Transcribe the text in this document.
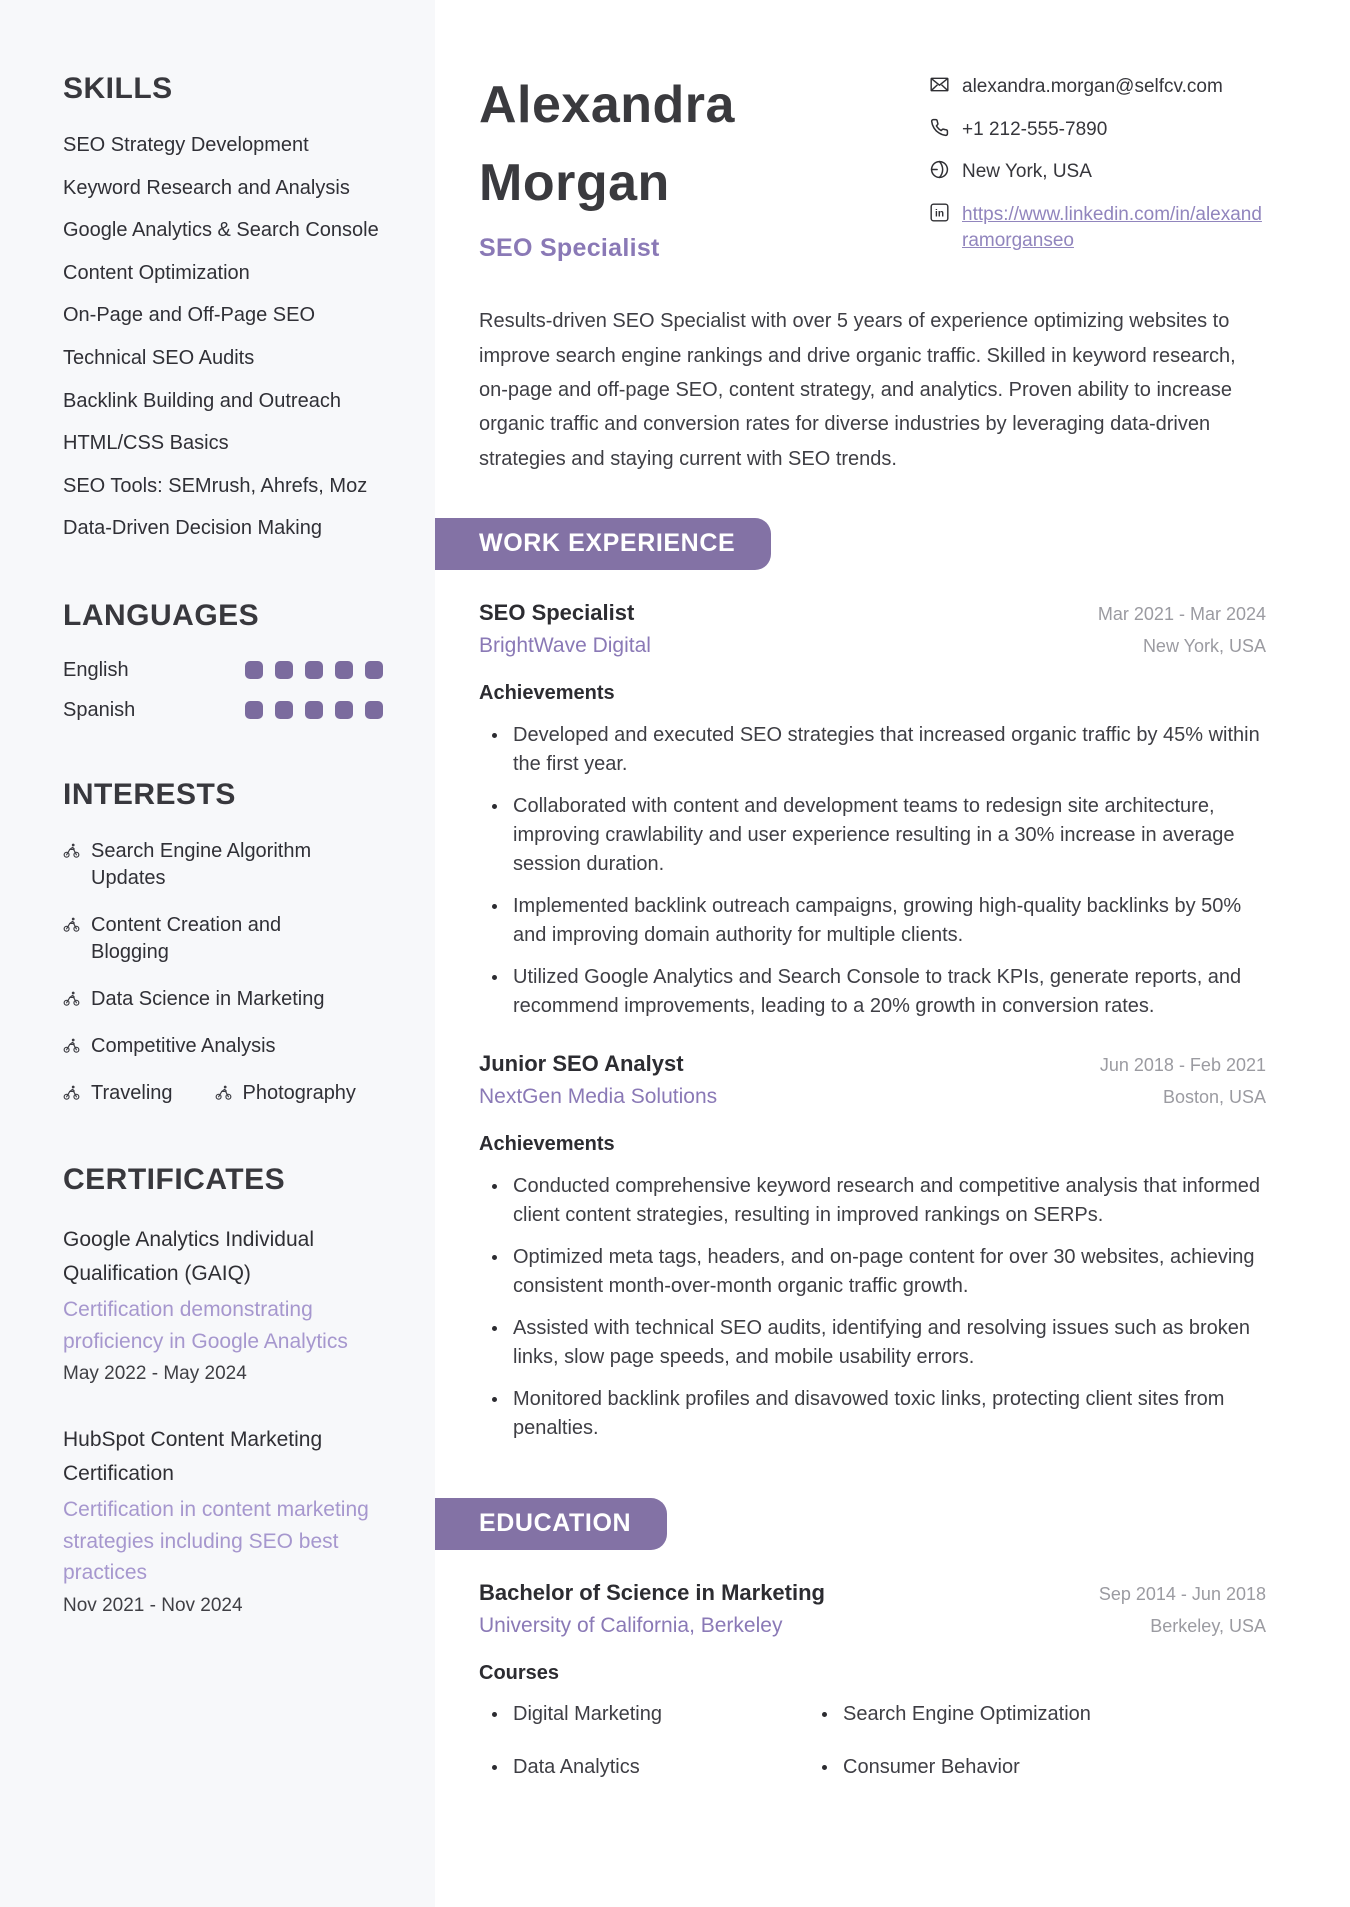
SKILLS
SEO Strategy Development
Keyword Research and Analysis
Google Analytics & Search Console
Content Optimization
On-Page and Off-Page SEO
Technical SEO Audits
Backlink Building and Outreach
HTML/CSS Basics
SEO Tools: SEMrush, Ahrefs, Moz
Data-Driven Decision Making
LANGUAGES
English
Spanish
INTERESTS
Search Engine Algorithm Updates
Content Creation and Blogging
Data Science in Marketing
Competitive Analysis
Traveling	Photography
CERTIFICATES
Google Analytics Individual Qualification (GAIQ)
Certification demonstrating proficiency in Google Analytics
May 2022 - May 2024
HubSpot Content Marketing Certification
Certification in content marketing strategies including SEO best practices
Nov 2021 - Nov 2024
Alexandra
Morgan
SEO Specialist
alexandra.morgan@selfcv.com
+1 212-555-7890
New York, USA
in https://www.linkedin.com/in/alexandramorganseo

Results-driven SEO Specialist with over 5 years of experience optimizing websites to improve search engine rankings and drive organic traffic. Skilled in keyword research, on-page and off-page SEO, content strategy, and analytics. Proven ability to increase organic traffic and conversion rates for diverse industries by leveraging data-driven strategies and staying current with SEO trends.

WORK EXPERIENCE
SEO Specialist	Mar 2021 - Mar 2024
BrightWave Digital	New York, USA
Achievements
• Developed and executed SEO strategies that increased organic traffic by 45% within the first year.
• Collaborated with content and development teams to redesign site architecture, improving crawlability and user experience resulting in a 30% increase in average session duration.
• Implemented backlink outreach campaigns, growing high-quality backlinks by 50% and improving domain authority for multiple clients.
• Utilized Google Analytics and Search Console to track KPIs, generate reports, and recommend improvements, leading to a 20% growth in conversion rates.
Junior SEO Analyst	Jun 2018 - Feb 2021
NextGen Media Solutions	Boston, USA
Achievements
• Conducted comprehensive keyword research and competitive analysis that informed client content strategies, resulting in improved rankings on SERPs.
• Optimized meta tags, headers, and on-page content for over 30 websites, achieving consistent month-over-month organic traffic growth.
• Assisted with technical SEO audits, identifying and resolving issues such as broken links, slow page speeds, and mobile usability errors.
• Monitored backlink profiles and disavowed toxic links, protecting client sites from penalties.
EDUCATION
Bachelor of Science in Marketing	Sep 2014 - Jun 2018
University of California, Berkeley	Berkeley, USA
Courses
• Digital Marketing	• Search Engine Optimization
• Data Analytics	• Consumer Behavior
